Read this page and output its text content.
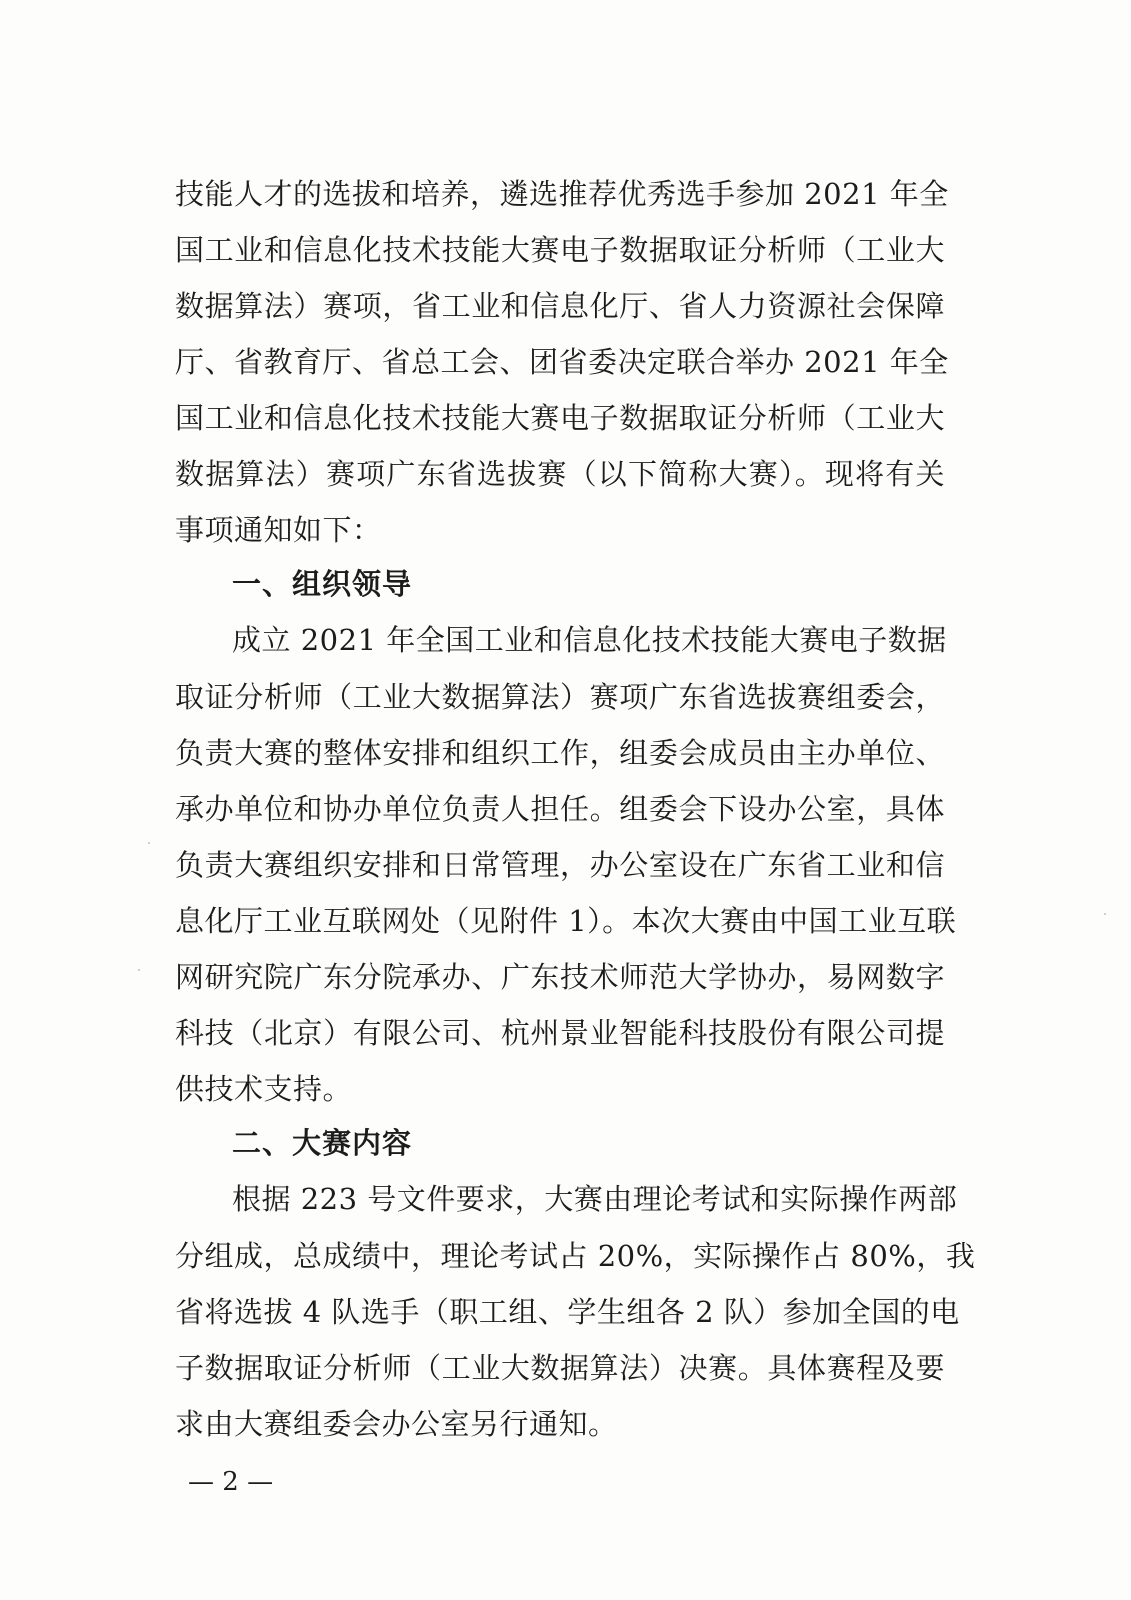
技能人才的选拔和培养，遴选推荐优秀选手参加 2021 年全
国工业和信息化技术技能大赛电子数据取证分析师（工业大
数据算法）赛项，省工业和信息化厅、省人力资源社会保障
厅、省教育厅、省总工会、团省委决定联合举办 2021 年全
国工业和信息化技术技能大赛电子数据取证分析师（工业大
数据算法）赛项广东省选拔赛（以下简称大赛）。现将有关
事项通知如下：
一、组织领导
成立 2021 年全国工业和信息化技术技能大赛电子数据
取证分析师（工业大数据算法）赛项广东省选拔赛组委会，
负责大赛的整体安排和组织工作，组委会成员由主办单位、
承办单位和协办单位负责人担任。组委会下设办公室，具体
负责大赛组织安排和日常管理，办公室设在广东省工业和信
息化厅工业互联网处（见附件 1）。本次大赛由中国工业互联
网研究院广东分院承办、广东技术师范大学协办，易网数字
科技（北京）有限公司、杭州景业智能科技股份有限公司提
供技术支持。
二、大赛内容
根据 223 号文件要求，大赛由理论考试和实际操作两部
分组成，总成绩中，理论考试占 20%，实际操作占 80%，我
省将选拔 4 队选手（职工组、学生组各 2 队）参加全国的电
子数据取证分析师（工业大数据算法）决赛。具体赛程及要
求由大赛组委会办公室另行通知。
— 2 —
